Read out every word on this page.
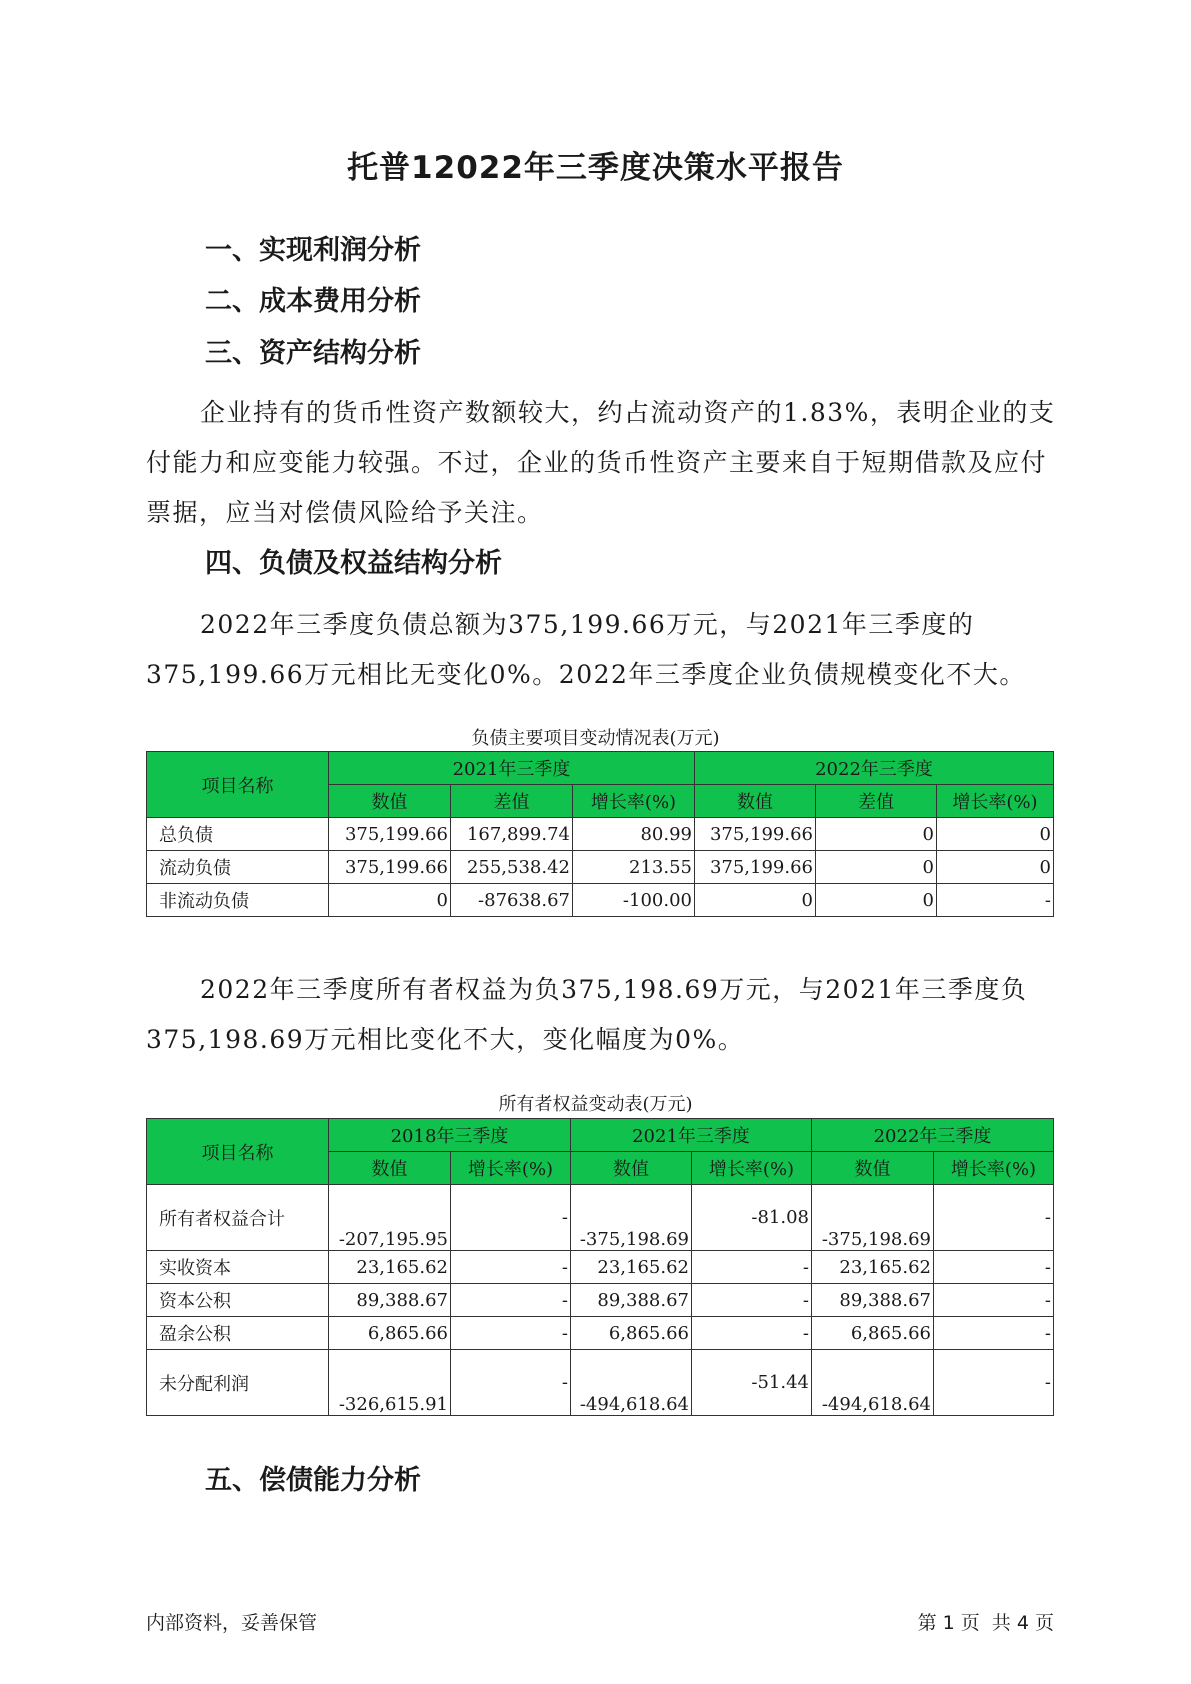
托普12022年三季度决策水平报告
一、实现利润分析
二、成本费用分析
三、资产结构分析

企业持有的货币性资产数额较大，约占流动资产的1.83%，表明企业的支付能力和应变能力较强。不过，企业的货币性资产主要来自于短期借款及应付票据，应当对偿债风险给予关注。

四、负债及权益结构分析

2022年三季度负债总额为375,199.66万元，与2021年三季度的375,199.66万元相比无变化0%。2022年三季度企业负债规模变化不大。

负债主要项目变动情况表(万元)
项目名称	2021年三季度			2022年三季度		
	数值	差值	增长率(%)	数值	差值	增长率(%)
总负债	375,199.66	167,899.74	80.99	375,199.66	0	0
流动负债	375,199.66	255,538.42	213.55	375,199.66	0	0
非流动负债	0	-87638.67	-100.00	0	0	-

2022年三季度所有者权益为负375,198.69万元，与2021年三季度负375,198.69万元相比变化不大，变化幅度为0%。

所有者权益变动表(万元)
项目名称	2018年三季度		2021年三季度		2022年三季度	
	数值	增长率(%)	数值	增长率(%)	数值	增长率(%)
所有者权益合计	-207,195.95	-	-375,198.69	-81.08	-375,198.69	-
实收资本	23,165.62	-	23,165.62	-	23,165.62	-
资本公积	89,388.67	-	89,388.67	-	89,388.67	-
盈余公积	6,865.66	-	6,865.66	-	6,865.66	-
未分配利润	-326,615.91	-	-494,618.64	-51.44	-494,618.64	-
五、偿债能力分析
内部资料，妥善保管	第 1 页  共 4 页
